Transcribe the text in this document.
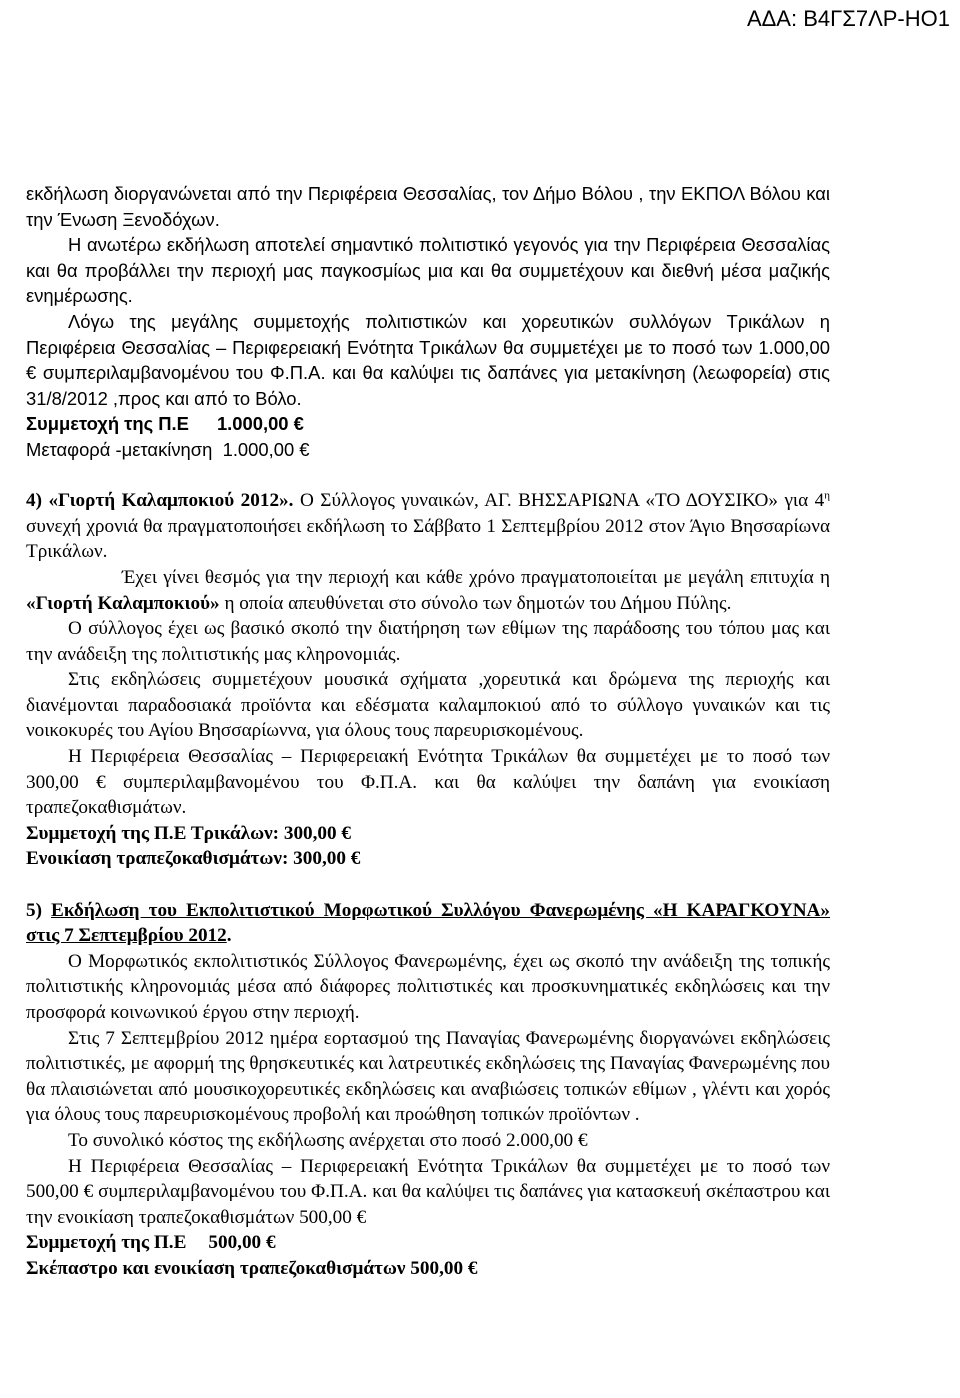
ΑΔΑ: Β4ΓΣ7ΛΡ-ΗΟ1

εκδήλωση διοργανώνεται από την Περιφέρεια Θεσσαλίας, τον Δήμο Βόλου , την ΕΚΠΟΛ Βόλου και την Ένωση Ξενοδόχων.

Η ανωτέρω εκδήλωση αποτελεί σημαντικό πολιτιστικό γεγονός για την Περιφέρεια Θεσσαλίας και θα προβάλλει την περιοχή μας παγκοσμίως μια και θα συμμετέχουν και διεθνή μέσα μαζικής ενημέρωσης.

Λόγω της μεγάλης συμμετοχής πολιτιστικών και χορευτικών συλλόγων Τρικάλων η Περιφέρεια Θεσσαλίας – Περιφερειακή Ενότητα Τρικάλων θα συμμετέχει με το ποσό των 1.000,00 € συμπεριλαμβανομένου του Φ.Π.Α. και θα καλύψει τις δαπάνες για μετακίνηση (λεωφορεία) στις 31/8/2012 ,προς και από το Βόλο.

Συμμετοχή της Π.Ε 1.000,00 €

Μεταφορά -μετακίνηση 1.000,00 €

4) «Γιορτή Καλαμποκιού 2012». Ο Σύλλογος γυναικών, ΑΓ. ΒΗΣΣΑΡΙΩΝΑ «ΤΟ ΔΟΥΣΙΚΟ» για $4^\eta$ συνεχή χρονιά θα πραγματοποιήσει εκδήλωση το Σάββατο 1 Σεπτεμβρίου 2012 στον Άγιο Βησσαρίωνα Τρικάλων.

Έχει γίνει θεσμός για την περιοχή και κάθε χρόνο πραγματοποιείται με μεγάλη επιτυχία η «Γιορτή Καλαμποκιού» η οποία απευθύνεται στο σύνολο των δημοτών του Δήμου Πύλης.

Ο σύλλογος έχει ως βασικό σκοπό την διατήρηση των εθίμων της παράδοσης του τόπου μας και την ανάδειξη της πολιτιστικής μας κληρονομιάς.

Στις εκδηλώσεις συμμετέχουν μουσικά σχήματα ,χορευτικά και δρώμενα της περιοχής και διανέμονται παραδοσιακά προϊόντα και εδέσματα καλαμποκιού από το σύλλογο γυναικών και τις νοικοκυρές του Αγίου Βησσαρίωννα, για όλους τους παρευρισκομένους.

Η Περιφέρεια Θεσσαλίας – Περιφερειακή Ενότητα Τρικάλων θα συμμετέχει με το ποσό των 300,00 € συμπεριλαμβανομένου του Φ.Π.Α. και θα καλύψει την δαπάνη για ενοικίαση τραπεζοκαθισμάτων.

Συμμετοχή της Π.Ε Τρικάλων: 300,00 €

Ενοικίαση τραπεζοκαθισμάτων: 300,00 €

5) Εκδήλωση του Εκπολιτιστικού Μορφωτικού Συλλόγου Φανερωμένης «Η ΚΑΡΑΓΚΟΥΝΑ» στις 7 Σεπτεμβρίου 2012.

Ο Μορφωτικός εκπολιτιστικός Σύλλογος Φανερωμένης, έχει ως σκοπό την ανάδειξη της τοπικής πολιτιστικής κληρονομιάς μέσα από διάφορες πολιτιστικές και προσκυνηματικές εκδηλώσεις και την προσφορά κοινωνικού έργου στην περιοχή.

Στις 7 Σεπτεμβρίου 2012 ημέρα εορτασμού της Παναγίας Φανερωμένης διοργανώνει εκδηλώσεις πολιτιστικές, με αφορμή της θρησκευτικές και λατρευτικές εκδηλώσεις της Παναγίας Φανερωμένης που θα πλαισιώνεται από μουσικοχορευτικές εκδηλώσεις και αναβιώσεις τοπικών εθίμων , γλέντι και χορός για όλους τους παρευρισκομένους προβολή και προώθηση τοπικών προϊόντων .

Το συνολικό κόστος της εκδήλωσης ανέρχεται στο ποσό 2.000,00 €

Η Περιφέρεια Θεσσαλίας – Περιφερειακή Ενότητα Τρικάλων θα συμμετέχει με το ποσό των 500,00 € συμπεριλαμβανομένου του Φ.Π.Α. και θα καλύψει τις δαπάνες για κατασκευή σκέπαστρου και την ενοικίαση τραπεζοκαθισμάτων 500,00 €

Συμμετοχή της Π.Ε 500,00 €

Σκέπαστρο και ενοικίαση τραπεζοκαθισμάτων 500,00 €
